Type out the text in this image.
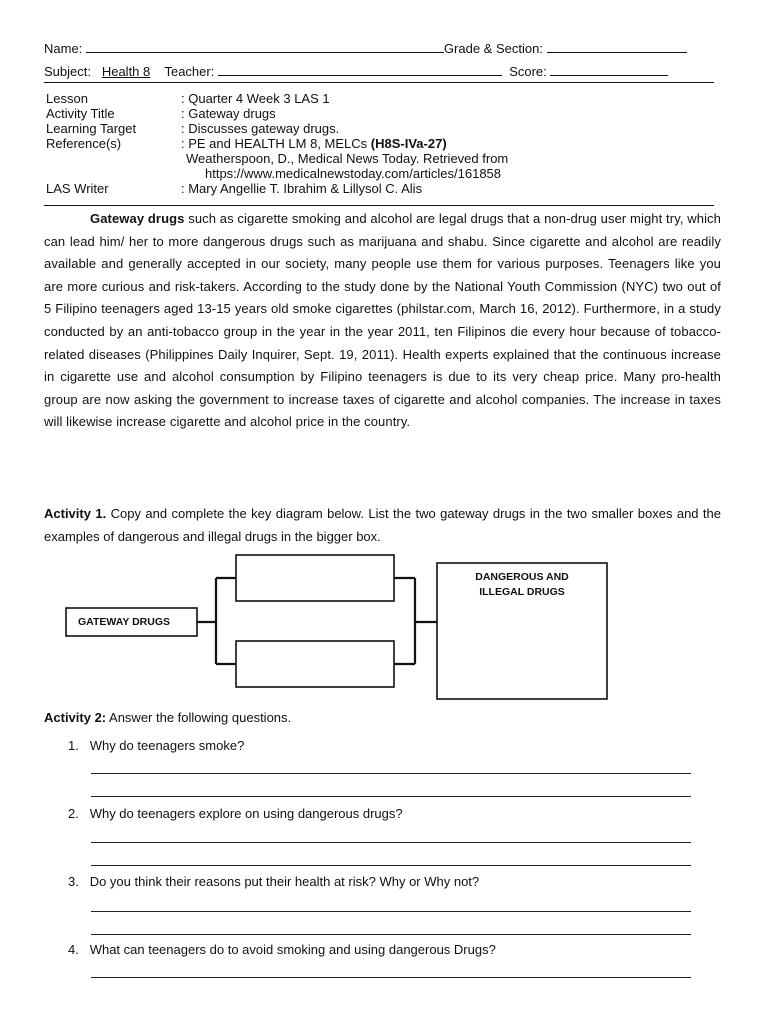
Name:	Grade & Section:
Subject: Health 8 Teacher:	Score:
Lesson	: Quarter 4 Week 3 LAS 1
Activity Title	: Gateway drugs
Learning Target	: Discusses gateway drugs.
Reference(s)	: PE and HEALTH LM 8, MELCs (H8S-IVa-27)
Weatherspoon, D., Medical News Today. Retrieved from
https://www.medicalnewstoday.com/articles/161858
LAS Writer	: Mary Angellie T. Ibrahim & Lillysol C. Alis
Gateway drugs such as cigarette smoking and alcohol are legal drugs that a non-drug user might try, which can lead him/ her to more dangerous drugs such as marijuana and shabu. Since cigarette and alcohol are readily available and generally accepted in our society, many people use them for various purposes. Teenagers like you are more curious and risk-takers. According to the study done by the National Youth Commission (NYC) two out of 5 Filipino teenagers aged 13-15 years old smoke cigarettes (philstar.com, March 16, 2012). Furthermore, in a study conducted by an anti-tobacco group in the year in the year 2011, ten Filipinos die every hour because of tobacco-related diseases (Philippines Daily Inquirer, Sept. 19, 2011). Health experts explained that the continuous increase in cigarette use and alcohol consumption by Filipino teenagers is due to its very cheap price. Many pro-health group are now asking the government to increase taxes of cigarette and alcohol companies. The increase in taxes will likewise increase cigarette and alcohol price in the country.
Activity 1. Copy and complete the key diagram below. List the two gateway drugs in the two smaller boxes and the examples of dangerous and illegal drugs in the bigger box.
GATEWAY DRUGS
DANGEROUS AND
ILLEGAL DRUGS
Activity 2: Answer the following questions.
1. Why do teenagers smoke?
2. Why do teenagers explore on using dangerous drugs?
3. Do you think their reasons put their health at risk? Why or Why not?
4. What can teenagers do to avoid smoking and using dangerous Drugs?
